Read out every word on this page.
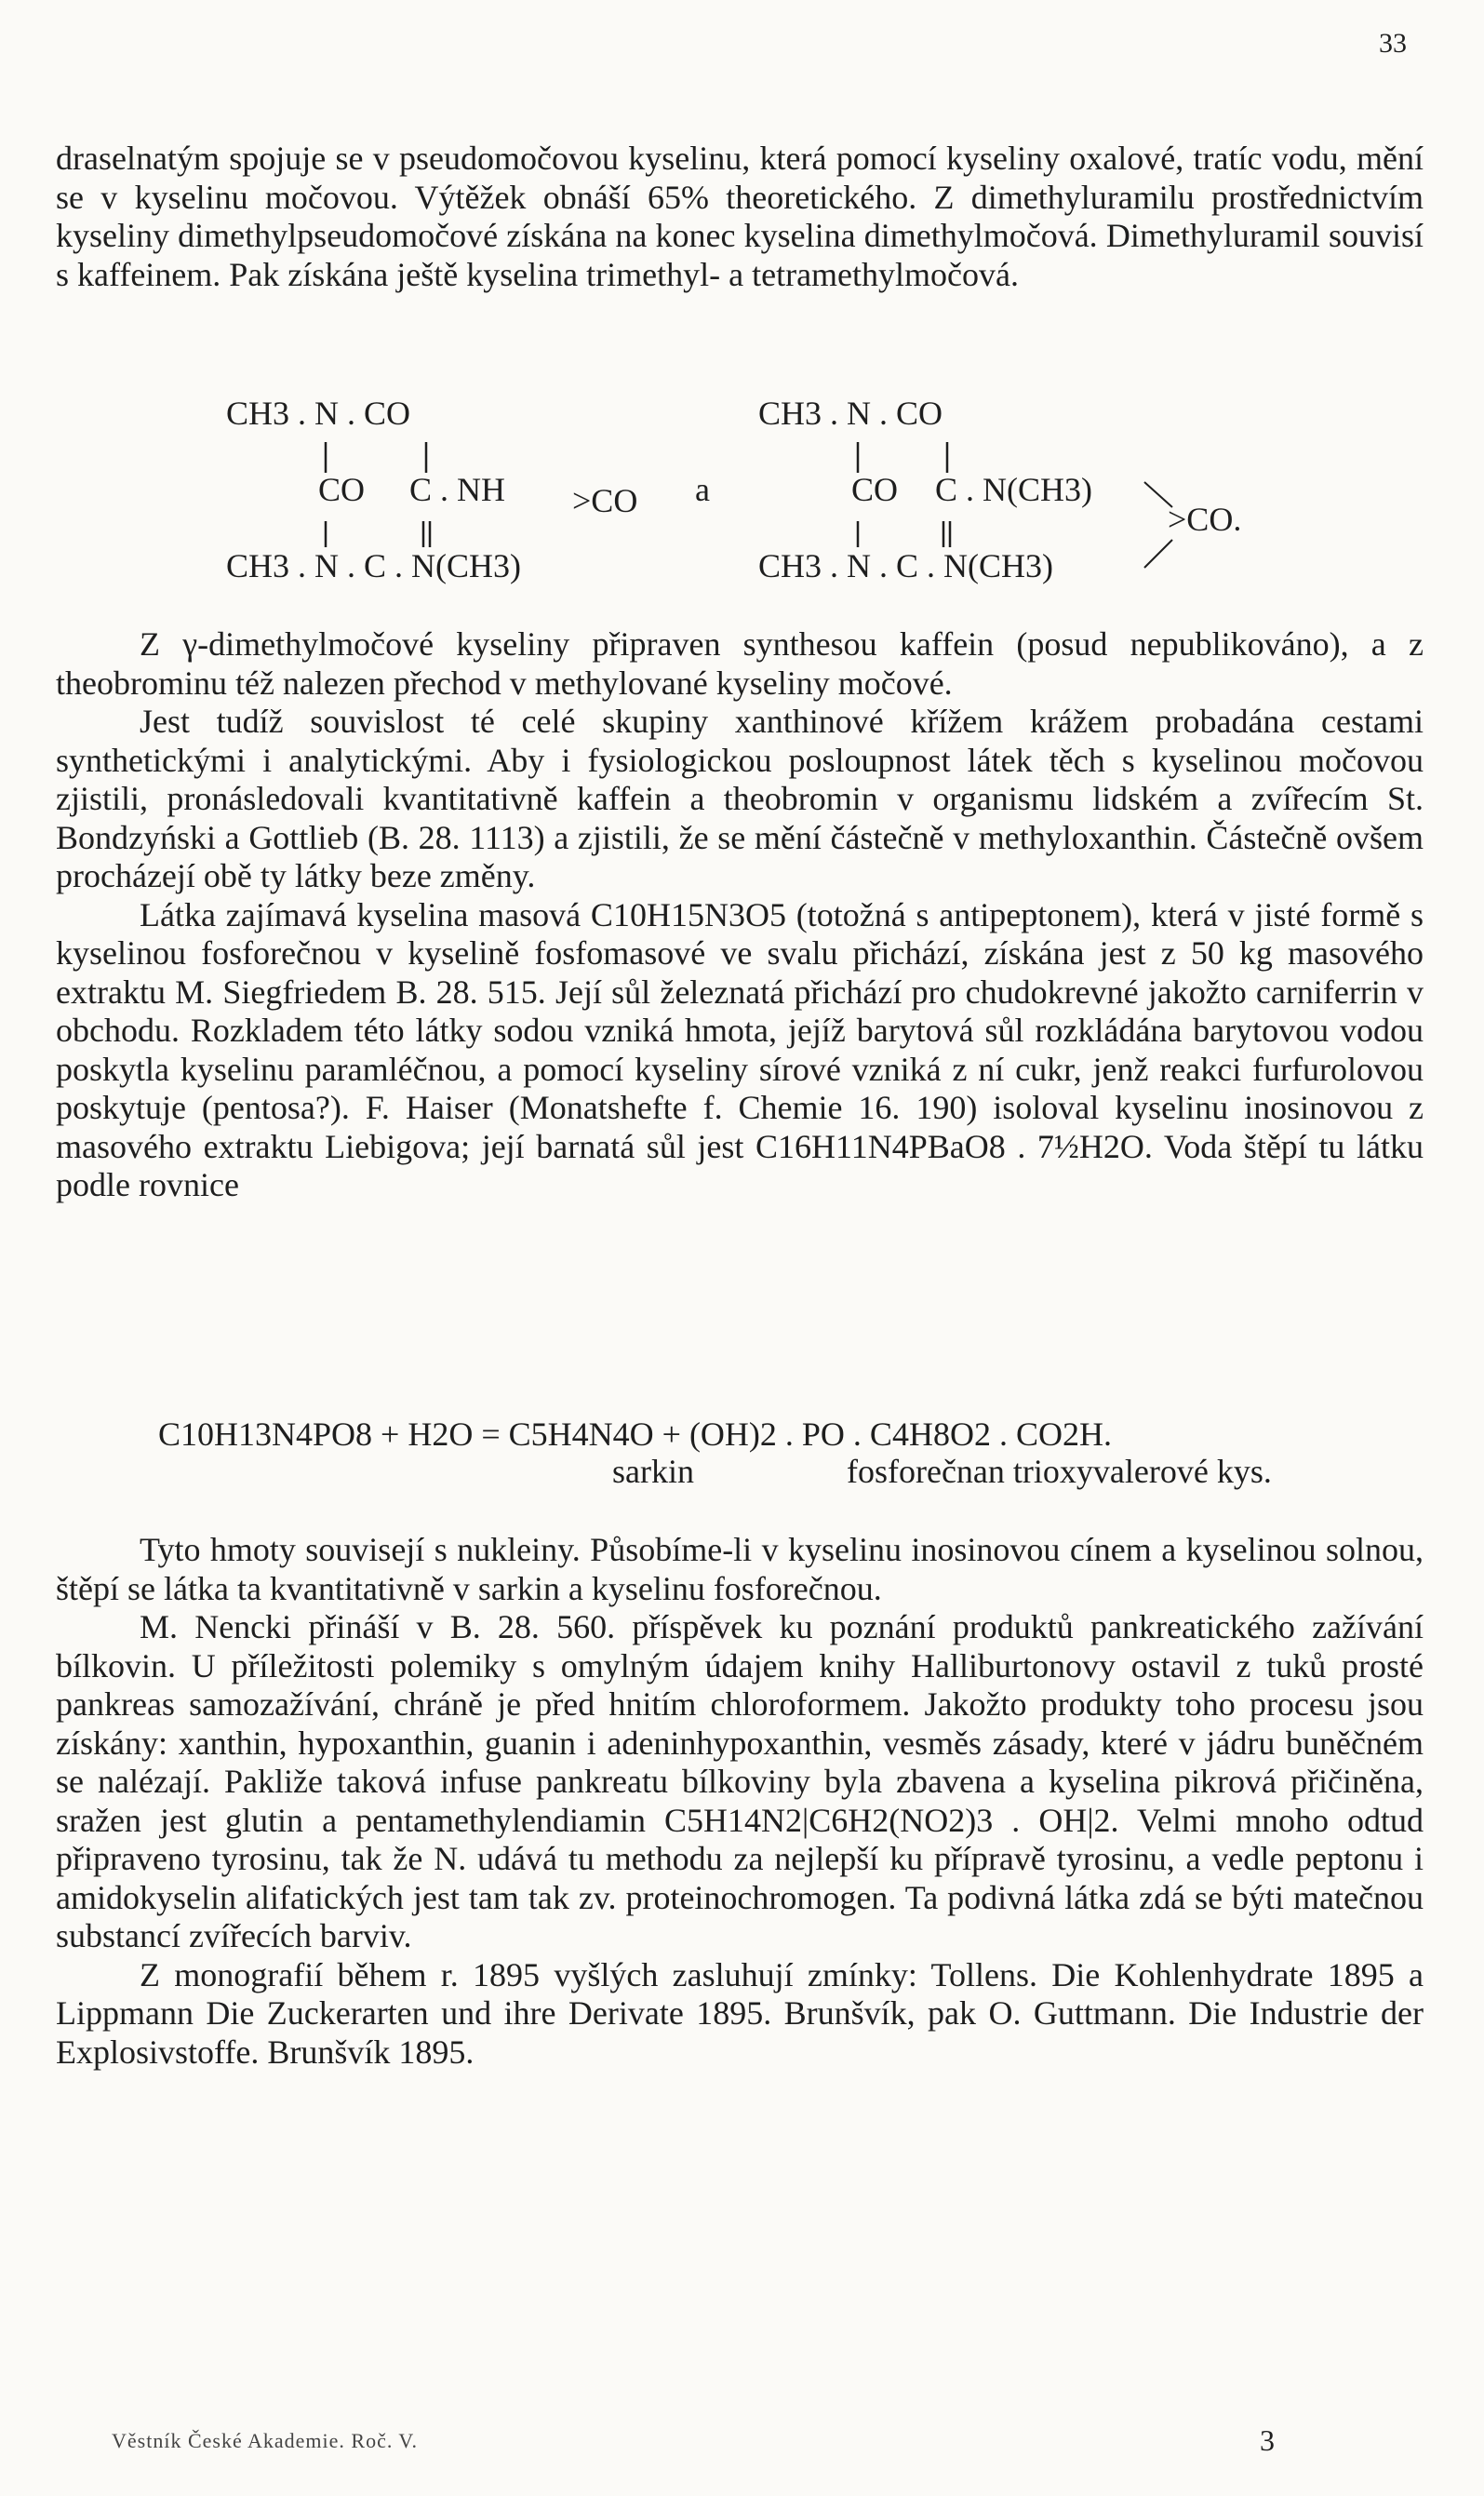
33

draselnatým spojuje se v pseudomočovou kyselinu, která pomocí kyseliny oxalové, tratíc vodu, mění se v kyselinu močovou. Výtěžek obnáší 65% theoretického. Z dimethyluramilu prostřednictvím kyseliny dimethylpseudomočové získána na konec kyselina dimethylmočová. Dimethyluramil souvisí s kaffeinem. Pak získána ještě kyselina trimethyl- a tetramethylmočová.

CH3 . N . CO
CO C . NH >CO
CH3 . N . C . N(CH3)
a
CH3 . N . CO
CO C . N(CH3)
>CO.
CH3 . N . C . N(CH3)

Z γ-dimethylmočové kyseliny připraven synthesou kaffein (posud nepublikováno), a z theobrominu též nalezen přechod v methylované kyseliny močové.

Jest tudíž souvislost té celé skupiny xanthinové křížem krážem probadána cestami synthetickými i analytickými. Aby i fysiologickou posloupnost látek těch s kyselinou močovou zjistili, pronásledovali kvantitativně kaffein a theobromin v organismu lidském a zvířecím St. Bondzyński a Gottlieb (B. 28. 1113) a zjistili, že se mění částečně v methyloxanthin. Částečně ovšem procházejí obě ty látky beze změny.

Látka zajímavá kyselina masová C10H15N3O5 (totožná s antipeptonem), která v jisté formě s kyselinou fosforečnou v kyselině fosfomasové ve svalu přichází, získána jest z 50 kg masového extraktu M. Siegfriedem B. 28. 515. Její sůl železnatá přichází pro chudokrevné jakožto carniferrin v obchodu. Rozkladem této látky sodou vzniká hmota, jejíž barytová sůl rozkládána barytovou vodou poskytla kyselinu paramléčnou, a pomocí kyseliny sírové vzniká z ní cukr, jenž reakci furfurolovou poskytuje (pentosa?). F. Haiser (Monatshefte f. Chemie 16. 190) isoloval kyselinu inosinovou z masového extraktu Liebigova; její barnatá sůl jest C16H11N4PBaO8 . 7½H2O. Voda štěpí tu látku podle rovnice

C10H13N4PO8 + H2O = C5H4N4O + (OH)2 . PO . C4H8O2 . CO2H.
sarkin	fosforečnan trioxyvalerové kys.

Tyto hmoty souvisejí s nukleiny. Působíme-li v kyselinu inosinovou cínem a kyselinou solnou, štěpí se látka ta kvantitativně v sarkin a kyselinu fosforečnou.

M. Nencki přináší v B. 28. 560. příspěvek ku poznání produktů pankreatického zažívání bílkovin. U příležitosti polemiky s omylným údajem knihy Halliburtonovy ostavil z tuků prosté pankreas samozažívání, chráně je před hnitím chloroformem. Jakožto produkty toho procesu jsou získány: xanthin, hypoxanthin, guanin i adeninhypoxanthin, vesměs zásady, které v jádru buněčném se nalézají. Pakliže taková infuse pankreatu bílkoviny byla zbavena a kyselina pikrová přičiněna, sražen jest glutin a pentamethylendiamin C5H14N2|C6H2(NO2)3 . OH|2. Velmi mnoho odtud připraveno tyrosinu, tak že N. udává tu methodu za nejlepší ku přípravě tyrosinu, a vedle peptonu i amidokyselin alifatických jest tam tak zv. proteinochromogen. Ta podivná látka zdá se býti matečnou substancí zvířecích barviv.

Z monografií během r. 1895 vyšlých zasluhují zmínky: Tollens. Die Kohlenhydrate 1895 a Lippmann Die Zuckerarten und ihre Derivate 1895. Brunšvík, pak O. Guttmann. Die Industrie der Explosivstoffe. Brunšvík 1895.

Věstník České Akademie. Roč. V.	3
